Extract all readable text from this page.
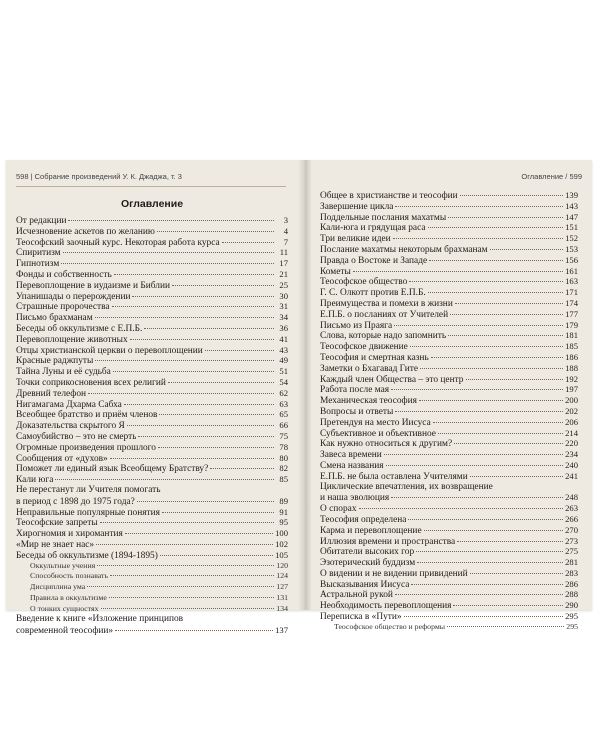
598 | Собрание произведений У. К. Джаджа, т. 3
Оглавление
От редакции	3
Исчезновение аскетов по желанию	4
Теософский заочный курс. Некоторая работа курса	7
Спиритизм	11
Гипнотизм	17
Фонды и собственность	21
Перевоплощение в иудаизме и Библии	25
Упанишады о перерождении	30
Страшные пророчества	31
Письмо брахманам	34
Беседы об оккультизме с Е.П.Б.	36
Перевоплощение животных	41
Отцы христианской церкви о перевоплощении	43
Красные раджпуты	49
Тайна Луны и её судьба	51
Точки соприкосновения всех религий	54
Древний телефон	62
Нигамагама Дхарма Сабха	63
Всеобщее братство и приём членов	65
Доказательства скрытого Я	66
Самоубийство – это не смерть	75
Огромные произведения прошлого	78
Сообщения от «духов»	80
Поможет ли единый язык Всеобщему Братству?	82
Кали юга	85
Не перестанут ли Учителя помогать
в период с 1898 до 1975 года?	89
Неправильные популярные понятия	91
Теософские запреты	95
Хирогномия и хиромантия	100
«Мир не знает нас»	102
Беседы об оккультизме (1894-1895)	105
Оккультные учения	120
Способность познавать	124
Дисциплина ума	127
Правила в оккультизме	131
О тонких сущностях	134
Введение к книге «Изложение принципов
современной теософии»	137
Оглавление / 599
Общее в христианстве и теософии	139
Завершение цикла	143
Поддельные послания махатмы	147
Кали-юга и грядущая раса	151
Три великие идеи	152
Послание махатмы некоторым брахманам	153
Правда о Востоке и Западе	156
Кометы	161
Теософское общество	163
Г. С. Олкотт против Е.П.Б.	171
Преимущества и помехи в жизни	174
Е.П.Б. о посланиях от Учителей	177
Письмо из Праяга	179
Слова, которые надо запомнить	181
Теософское движение	185
Теософия и смертная казнь	186
Заметки о Бхагавад Гите	188
Каждый член Общества – это центр	192
Работа после мая	197
Механическая теософия	200
Вопросы и ответы	202
Претендуя на место Иисуса	206
Субъективное и объективное	214
Как нужно относиться к другим?	220
Завеса времени	234
Смена названия	240
Е.П.Б. не была оставлена Учителями	241
Циклические впечатления, их возвращение
и наша эволюция	248
О спорах	263
Теософия определена	266
Карма и перевоплощение	270
Иллюзия времени и пространства	273
Обитатели высоких гор	275
Эзотерический буддизм	281
О видении и не видении привидений	283
Высказывания Иисуса	286
Астральной рукой	288
Необходимость перевоплощения	290
Переписка в «Пути»	295
Теософское общество и реформы	295
